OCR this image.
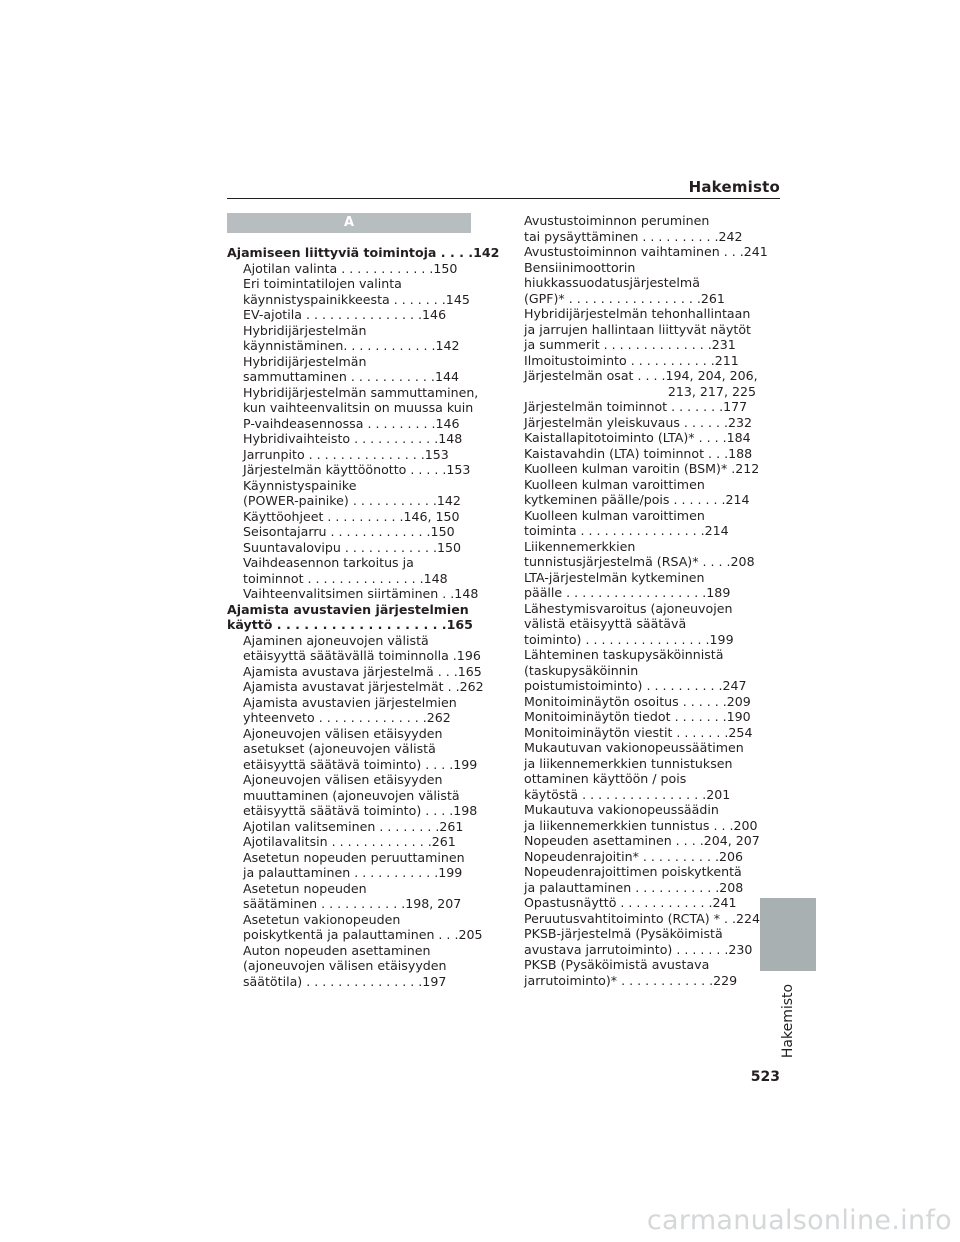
Hakemisto
A
Ajamiseen liittyviä toimintoja . . . .142
Ajotilan valinta . . . . . . . . . . . .150
Eri toimintatilojen valinta
käynnistyspainikkeesta . . . . . . .145
EV-ajotila . . . . . . . . . . . . . . .146
Hybridijärjestelmän
käynnistäminen. . . . . . . . . . . .142
Hybridijärjestelmän
sammuttaminen . . . . . . . . . . .144
Hybridijärjestelmän sammuttaminen,
kun vaihteenvalitsin on muussa kuin
P-vaihdeasennossa . . . . . . . . .146
Hybridivaihteisto . . . . . . . . . . .148
Jarrunpito . . . . . . . . . . . . . . .153
Järjestelmän käyttöönotto . . . . .153
Käynnistyspainike
(POWER-painike) . . . . . . . . . . .142
Käyttöohjeet . . . . . . . . . .146, 150
Seisontajarru . . . . . . . . . . . . .150
Suuntavalovipu . . . . . . . . . . . .150
Vaihdeasennon tarkoitus ja
toiminnot . . . . . . . . . . . . . . .148
Vaihteenvalitsimen siirtäminen . .148
Ajamista avustavien järjestelmien
käyttö . . . . . . . . . . . . . . . . . . .165
Ajaminen ajoneuvojen välistä
etäisyyttä säätävällä toiminnolla .196
Ajamista avustava järjestelmä . . .165
Ajamista avustavat järjestelmät . .262
Ajamista avustavien järjestelmien
yhteenveto . . . . . . . . . . . . . .262
Ajoneuvojen välisen etäisyyden
asetukset (ajoneuvojen välistä
etäisyyttä säätävä toiminto) . . . .199
Ajoneuvojen välisen etäisyyden
muuttaminen (ajoneuvojen välistä
etäisyyttä säätävä toiminto) . . . .198
Ajotilan valitseminen . . . . . . . .261
Ajotilavalitsin . . . . . . . . . . . . .261
Asetetun nopeuden peruuttaminen
ja palauttaminen . . . . . . . . . . .199
Asetetun nopeuden
säätäminen . . . . . . . . . . .198, 207
Asetetun vakionopeuden
poiskytkentä ja palauttaminen . . .205
Auton nopeuden asettaminen
(ajoneuvojen välisen etäisyyden
säätötila) . . . . . . . . . . . . . . .197
Avustustoiminnon peruminen
tai pysäyttäminen . . . . . . . . . .242
Avustustoiminnon vaihtaminen . . .241
Bensiinimoottorin
hiukkassuodatusjärjestelmä
(GPF)* . . . . . . . . . . . . . . . . .261
Hybridijärjestelmän tehonhallintaan
ja jarrujen hallintaan liittyvät näytöt
ja summerit . . . . . . . . . . . . . .231
Ilmoitustoiminto . . . . . . . . . . .211
Järjestelmän osat . . . .194, 204, 206,
213, 217, 225
Järjestelmän toiminnot . . . . . . .177
Järjestelmän yleiskuvaus . . . . . .232
Kaistallapitotoiminto (LTA)* . . . .184
Kaistavahdin (LTA) toiminnot . . .188
Kuolleen kulman varoitin (BSM)* .212
Kuolleen kulman varoittimen
kytkeminen päälle/pois . . . . . . .214
Kuolleen kulman varoittimen
toiminta . . . . . . . . . . . . . . . .214
Liikennemerkkien
tunnistusjärjestelmä (RSA)* . . . .208
LTA-järjestelmän kytkeminen
päälle . . . . . . . . . . . . . . . . . .189
Lähestymisvaroitus (ajoneuvojen
välistä etäisyyttä säätävä
toiminto) . . . . . . . . . . . . . . . .199
Lähteminen taskupysäköinnistä
(taskupysäköinnin
poistumistoiminto) . . . . . . . . . .247
Monitoiminäytön osoitus . . . . . .209
Monitoiminäytön tiedot . . . . . . .190
Monitoiminäytön viestit . . . . . . .254
Mukautuvan vakionopeussäätimen
ja liikennemerkkien tunnistuksen
ottaminen käyttöön / pois
käytöstä . . . . . . . . . . . . . . . .201
Mukautuva vakionopeussäädin
ja liikennemerkkien tunnistus . . .200
Nopeuden asettaminen . . . .204, 207
Nopeudenrajoitin* . . . . . . . . . .206
Nopeudenrajoittimen poiskytkentä
ja palauttaminen . . . . . . . . . . .208
Opastusnäyttö . . . . . . . . . . . .241
Peruutusvahtitoiminto (RCTA) * . .224
PKSB-järjestelmä (Pysäköimistä
avustava jarrutoiminto) . . . . . . .230
PKSB (Pysäköimistä avustava
jarrutoiminto)* . . . . . . . . . . . .229
Hakemisto
523
carmanualsonline.info
